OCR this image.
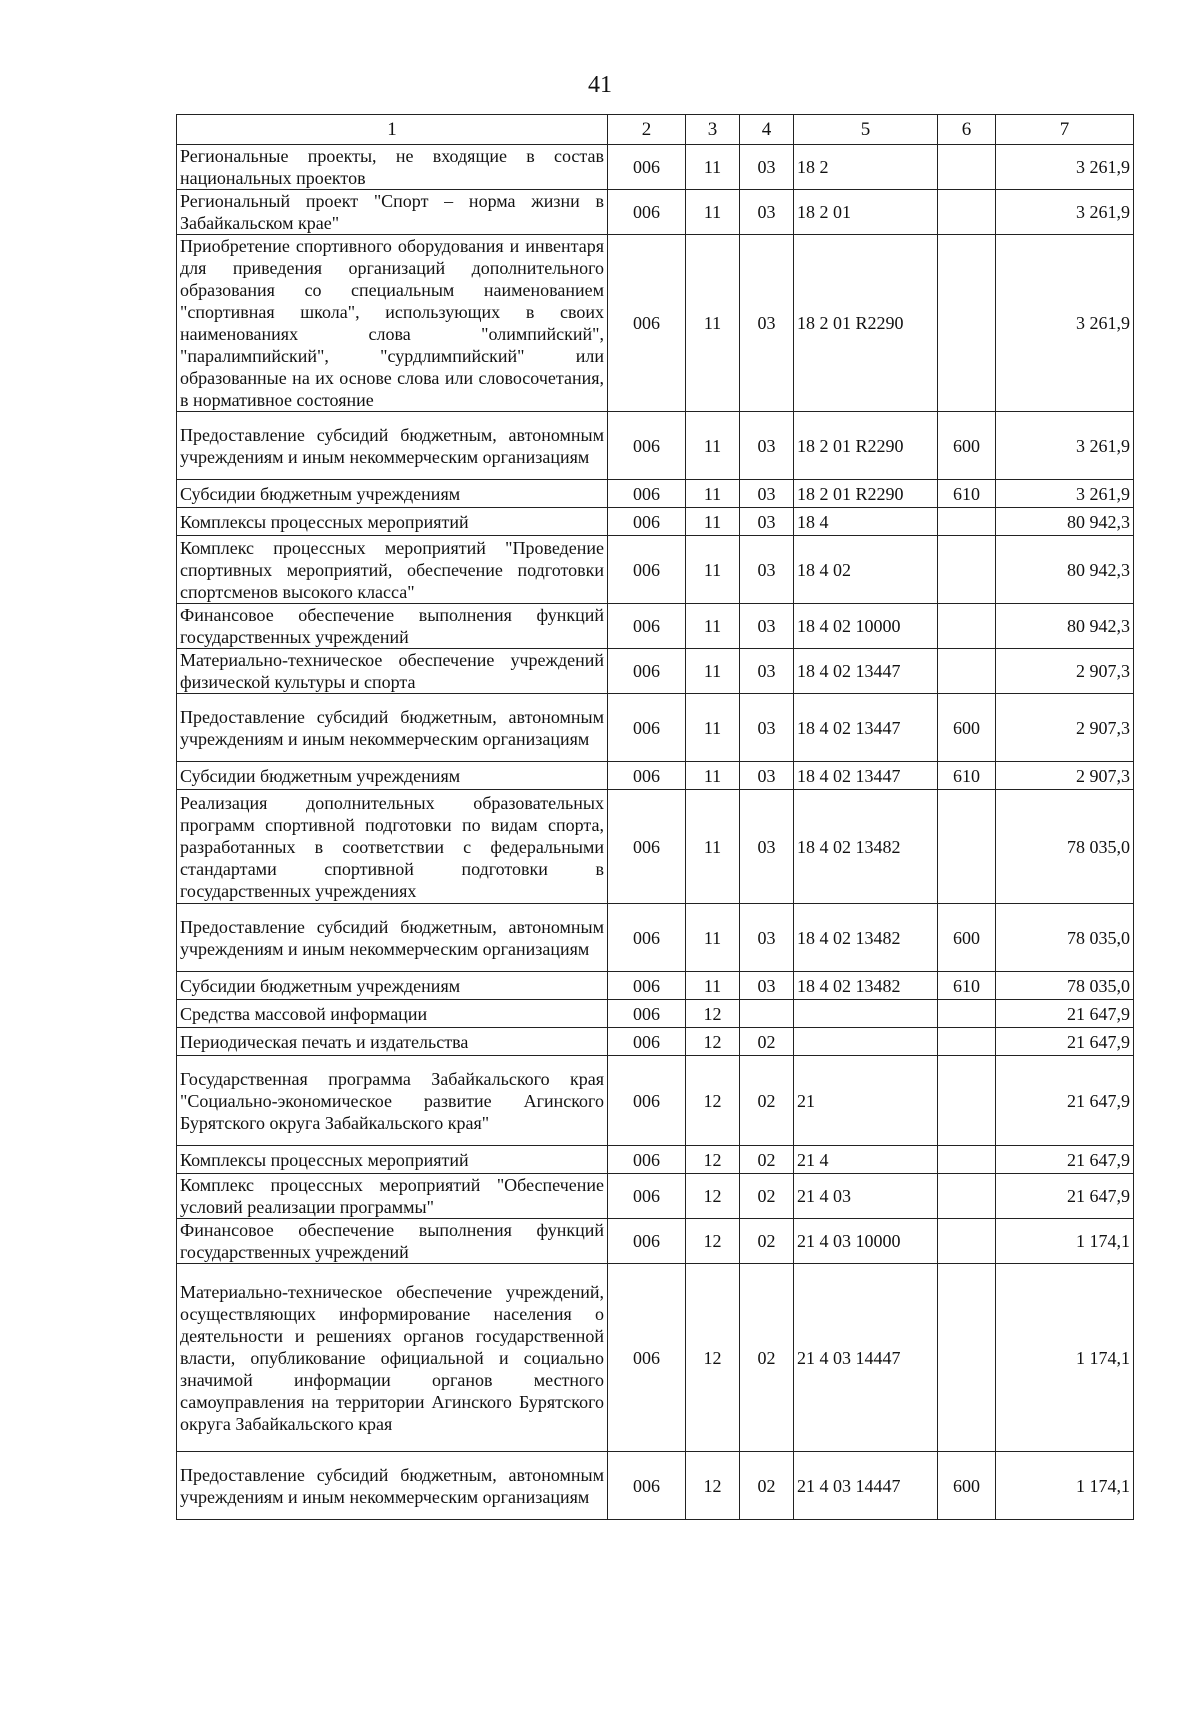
41
1	2	3	4	5	6	7
Региональные проекты, не входящие в состав национальных проектов	006	11	03	18 2		3 261,9
Региональный проект "Спорт – норма жизни в Забайкальском крае"	006	11	03	18 2 01		3 261,9
Приобретение спортивного оборудования и инвентаря для приведения организаций дополнительного образования со специальным наименованием "спортивная школа", использующих в своих наименованиях слова "олимпийский", "паралимпийский", "сурдлимпийский" или образованные на их основе слова или словосочетания, в нормативное состояние	006	11	03	18 2 01 R2290		3 261,9
Предоставление субсидий бюджетным, автономным учреждениям и иным некоммерческим организациям	006	11	03	18 2 01 R2290	600	3 261,9
Субсидии бюджетным учреждениям	006	11	03	18 2 01 R2290	610	3 261,9
Комплексы процессных мероприятий	006	11	03	18 4		80 942,3
Комплекс процессных мероприятий "Проведение спортивных мероприятий, обеспечение подготовки спортсменов высокого класса"	006	11	03	18 4 02		80 942,3
Финансовое обеспечение выполнения функций государственных учреждений	006	11	03	18 4 02 10000		80 942,3
Материально-техническое обеспечение учреждений физической культуры и спорта	006	11	03	18 4 02 13447		2 907,3
Предоставление субсидий бюджетным, автономным учреждениям и иным некоммерческим организациям	006	11	03	18 4 02 13447	600	2 907,3
Субсидии бюджетным учреждениям	006	11	03	18 4 02 13447	610	2 907,3
Реализация дополнительных образовательных программ спортивной подготовки по видам спорта, разработанных в соответствии с федеральными стандартами спортивной подготовки в государственных учреждениях	006	11	03	18 4 02 13482		78 035,0
Предоставление субсидий бюджетным, автономным учреждениям и иным некоммерческим организациям	006	11	03	18 4 02 13482	600	78 035,0
Субсидии бюджетным учреждениям	006	11	03	18 4 02 13482	610	78 035,0
Средства массовой информации	006	12				21 647,9
Периодическая печать и издательства	006	12	02			21 647,9
Государственная программа Забайкальского края "Социально-экономическое развитие Агинского Бурятского округа Забайкальского края"	006	12	02	21		21 647,9
Комплексы процессных мероприятий	006	12	02	21 4		21 647,9
Комплекс процессных мероприятий "Обеспечение условий реализации программы"	006	12	02	21 4 03		21 647,9
Финансовое обеспечение выполнения функций государственных учреждений	006	12	02	21 4 03 10000		1 174,1
Материально-техническое обеспечение учреждений, осуществляющих информирование населения о деятельности и решениях органов государственной власти, опубликование официальной и социально значимой информации органов местного самоуправления на территории Агинского Бурятского округа Забайкальского края	006	12	02	21 4 03 14447		1 174,1
Предоставление субсидий бюджетным, автономным учреждениям и иным некоммерческим организациям	006	12	02	21 4 03 14447	600	1 174,1
